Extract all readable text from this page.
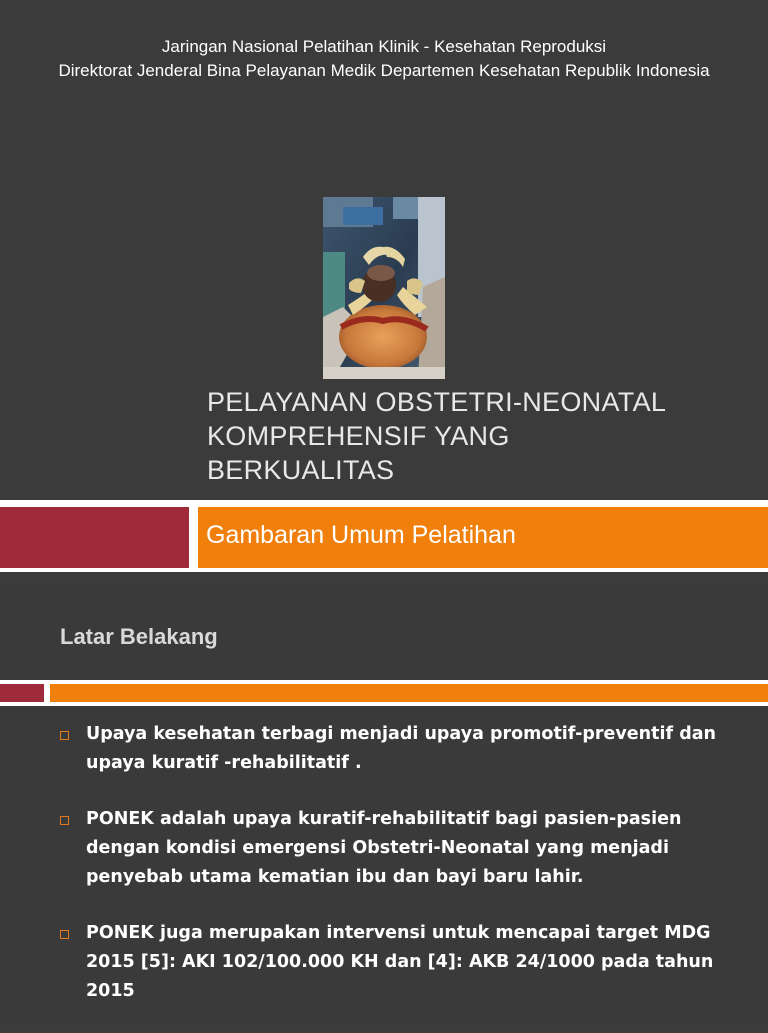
Jaringan Nasional Pelatihan Klinik - Kesehatan Reproduksi
Direktorat Jenderal Bina Pelayanan Medik Departemen Kesehatan Republik Indonesia
PELAYANAN OBSTETRI-NEONATAL
KOMPREHENSIF YANG
BERKUALITAS
Gambaran Umum Pelatihan
Latar Belakang
Upaya kesehatan terbagi menjadi upaya promotif-preventif dan upaya kuratif -rehabilitatif .
PONEK adalah upaya kuratif-rehabilitatif bagi pasien-pasien dengan kondisi emergensi Obstetri-Neonatal yang menjadi penyebab utama kematian ibu dan bayi baru lahir.
PONEK juga merupakan intervensi untuk mencapai target MDG 2015 [5]: AKI 102/100.000 KH dan [4]: AKB 24/1000 pada tahun 2015
